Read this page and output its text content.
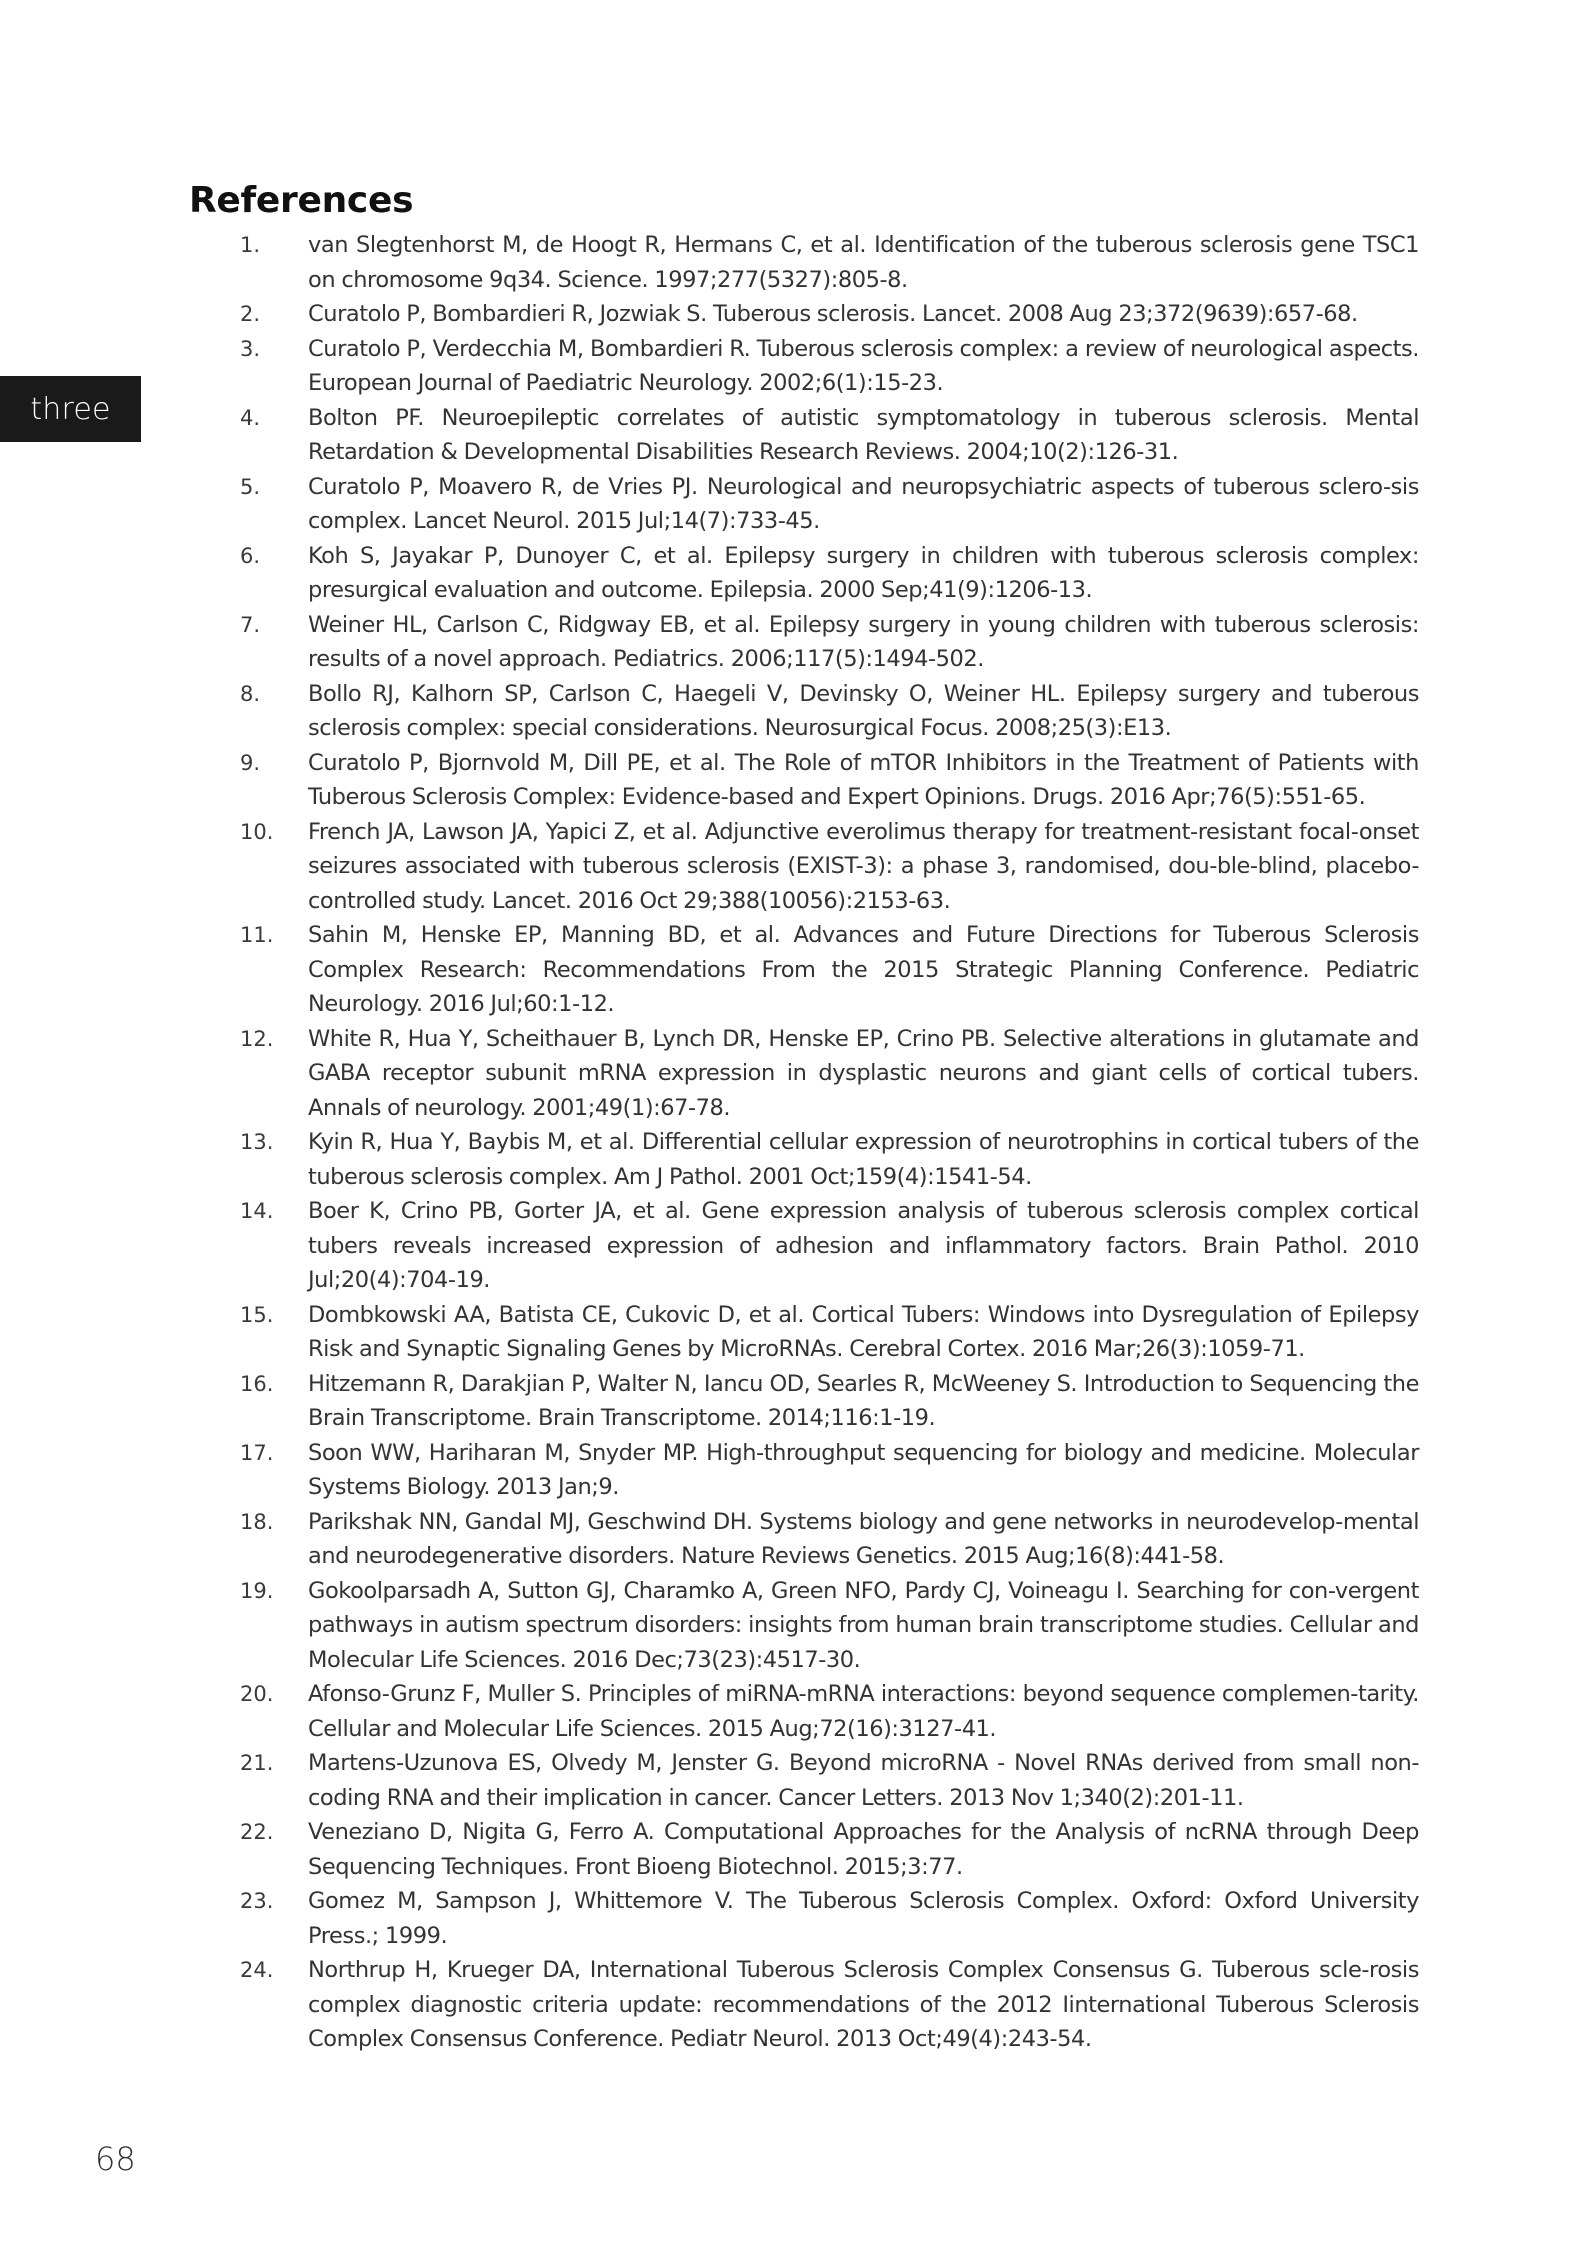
three
References
1.	van Slegtenhorst M, de Hoogt R, Hermans C, et al. Identification of the tuberous sclerosis gene TSC1 on chromosome 9q34. Science. 1997;277(5327):805-8.
2.	Curatolo P, Bombardieri R, Jozwiak S. Tuberous sclerosis. Lancet. 2008 Aug 23;372(9639):657-68.
3.	Curatolo P, Verdecchia M, Bombardieri R. Tuberous sclerosis complex: a review of neurological aspects. European Journal of Paediatric Neurology. 2002;6(1):15-23.
4.	Bolton PF. Neuroepileptic correlates of autistic symptomatology in tuberous sclerosis. Mental Retardation & Developmental Disabilities Research Reviews. 2004;10(2):126-31.
5.	Curatolo P, Moavero R, de Vries PJ. Neurological and neuropsychiatric aspects of tuberous sclero-sis complex. Lancet Neurol. 2015 Jul;14(7):733-45.
6.	Koh S, Jayakar P, Dunoyer C, et al. Epilepsy surgery in children with tuberous sclerosis complex: presurgical evaluation and outcome. Epilepsia. 2000 Sep;41(9):1206-13.
7.	Weiner HL, Carlson C, Ridgway EB, et al. Epilepsy surgery in young children with tuberous sclerosis: results of a novel approach. Pediatrics. 2006;117(5):1494-502.
8.	Bollo RJ, Kalhorn SP, Carlson C, Haegeli V, Devinsky O, Weiner HL. Epilepsy surgery and tuberous sclerosis complex: special considerations. Neurosurgical Focus. 2008;25(3):E13.
9.	Curatolo P, Bjornvold M, Dill PE, et al. The Role of mTOR Inhibitors in the Treatment of Patients with Tuberous Sclerosis Complex: Evidence-based and Expert Opinions. Drugs. 2016 Apr;76(5):551-65.
10.	French JA, Lawson JA, Yapici Z, et al. Adjunctive everolimus therapy for treatment-resistant focal-onset seizures associated with tuberous sclerosis (EXIST-3): a phase 3, randomised, dou-ble-blind, placebo-controlled study. Lancet. 2016 Oct 29;388(10056):2153-63.
11.	Sahin M, Henske EP, Manning BD, et al. Advances and Future Directions for Tuberous Sclerosis Complex Research: Recommendations From the 2015 Strategic Planning Conference. Pediatric Neurology. 2016 Jul;60:1-12.
12.	White R, Hua Y, Scheithauer B, Lynch DR, Henske EP, Crino PB. Selective alterations in glutamate and GABA receptor subunit mRNA expression in dysplastic neurons and giant cells of cortical tubers. Annals of neurology. 2001;49(1):67-78.
13.	Kyin R, Hua Y, Baybis M, et al. Differential cellular expression of neurotrophins in cortical tubers of the tuberous sclerosis complex. Am J Pathol. 2001 Oct;159(4):1541-54.
14.	Boer K, Crino PB, Gorter JA, et al. Gene expression analysis of tuberous sclerosis complex cortical tubers reveals increased expression of adhesion and inflammatory factors. Brain Pathol. 2010 Jul;20(4):704-19.
15.	Dombkowski AA, Batista CE, Cukovic D, et al. Cortical Tubers: Windows into Dysregulation of Epilepsy Risk and Synaptic Signaling Genes by MicroRNAs. Cerebral Cortex. 2016 Mar;26(3):1059-71.
16.	Hitzemann R, Darakjian P, Walter N, Iancu OD, Searles R, McWeeney S. Introduction to Sequencing the Brain Transcriptome. Brain Transcriptome. 2014;116:1-19.
17.	Soon WW, Hariharan M, Snyder MP. High-throughput sequencing for biology and medicine. Molecular Systems Biology. 2013 Jan;9.
18.	Parikshak NN, Gandal MJ, Geschwind DH. Systems biology and gene networks in neurodevelop-mental and neurodegenerative disorders. Nature Reviews Genetics. 2015 Aug;16(8):441-58.
19.	Gokoolparsadh A, Sutton GJ, Charamko A, Green NFO, Pardy CJ, Voineagu I. Searching for con-vergent pathways in autism spectrum disorders: insights from human brain transcriptome studies. Cellular and Molecular Life Sciences. 2016 Dec;73(23):4517-30.
20.	Afonso-Grunz F, Muller S. Principles of miRNA-mRNA interactions: beyond sequence complemen-tarity. Cellular and Molecular Life Sciences. 2015 Aug;72(16):3127-41.
21.	Martens-Uzunova ES, Olvedy M, Jenster G. Beyond microRNA - Novel RNAs derived from small non-coding RNA and their implication in cancer. Cancer Letters. 2013 Nov 1;340(2):201-11.
22.	Veneziano D, Nigita G, Ferro A. Computational Approaches for the Analysis of ncRNA through Deep Sequencing Techniques. Front Bioeng Biotechnol. 2015;3:77.
23.	Gomez M, Sampson J, Whittemore V. The Tuberous Sclerosis Complex. Oxford: Oxford University Press.; 1999.
24.	Northrup H, Krueger DA, International Tuberous Sclerosis Complex Consensus G. Tuberous scle-rosis complex diagnostic criteria update: recommendations of the 2012 Iinternational Tuberous Sclerosis Complex Consensus Conference. Pediatr Neurol. 2013 Oct;49(4):243-54.
68
